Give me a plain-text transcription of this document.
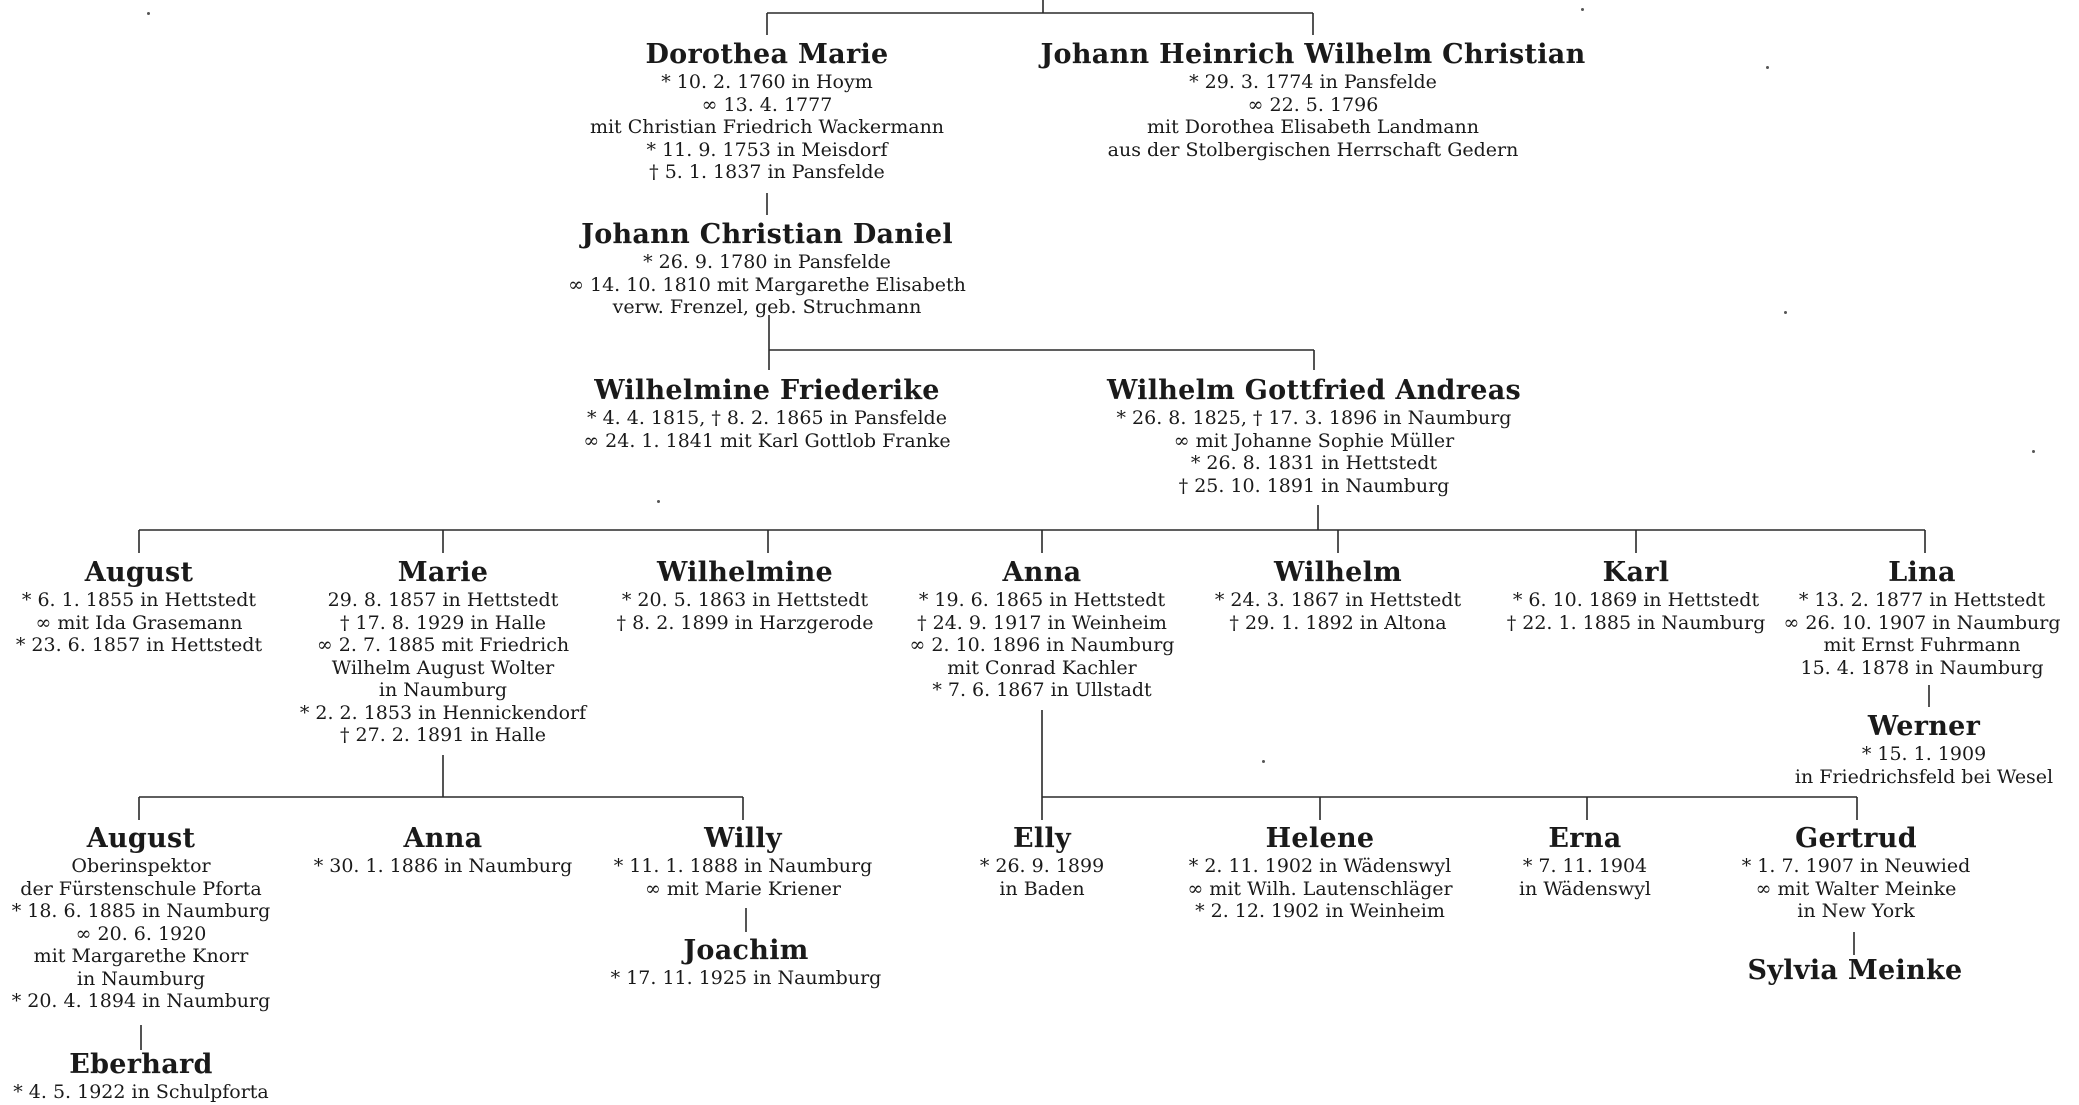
Dorothea Marie
* 10. 2. 1760 in Hoym
∞ 13. 4. 1777
mit Christian Friedrich Wackermann
* 11. 9. 1753 in Meisdorf
† 5. 1. 1837 in Pansfelde
Johann Heinrich Wilhelm Christian
* 29. 3. 1774 in Pansfelde
∞ 22. 5. 1796
mit Dorothea Elisabeth Landmann
aus der Stolbergischen Herrschaft Gedern
Johann Christian Daniel
* 26. 9. 1780 in Pansfelde
∞ 14. 10. 1810 mit Margarethe Elisabeth
verw. Frenzel, geb. Struchmann
Wilhelmine Friederike
* 4. 4. 1815, † 8. 2. 1865 in Pansfelde
∞ 24. 1. 1841 mit Karl Gottlob Franke
Wilhelm Gottfried Andreas
* 26. 8. 1825, † 17. 3. 1896 in Naumburg
∞ mit Johanne Sophie Müller
* 26. 8. 1831 in Hettstedt
† 25. 10. 1891 in Naumburg
August
* 6. 1. 1855 in Hettstedt
∞ mit Ida Grasemann
* 23. 6. 1857 in Hettstedt
Marie
29. 8. 1857 in Hettstedt
† 17. 8. 1929 in Halle
∞ 2. 7. 1885 mit Friedrich
Wilhelm August Wolter
in Naumburg
* 2. 2. 1853 in Hennickendorf
† 27. 2. 1891 in Halle
Wilhelmine
* 20. 5. 1863 in Hettstedt
† 8. 2. 1899 in Harzgerode
Anna
* 19. 6. 1865 in Hettstedt
† 24. 9. 1917 in Weinheim
∞ 2. 10. 1896 in Naumburg
mit Conrad Kachler
* 7. 6. 1867 in Ullstadt
Wilhelm
* 24. 3. 1867 in Hettstedt
† 29. 1. 1892 in Altona
Karl
* 6. 10. 1869 in Hettstedt
† 22. 1. 1885 in Naumburg
Lina
* 13. 2. 1877 in Hettstedt
∞ 26. 10. 1907 in Naumburg
mit Ernst Fuhrmann
15. 4. 1878 in Naumburg
Werner
* 15. 1. 1909
in Friedrichsfeld bei Wesel
August
Oberinspektor
der Fürstenschule Pforta
* 18. 6. 1885 in Naumburg
∞ 20. 6. 1920
mit Margarethe Knorr
in Naumburg
* 20. 4. 1894 in Naumburg
Anna
* 30. 1. 1886 in Naumburg
Willy
* 11. 1. 1888 in Naumburg
∞ mit Marie Kriener
Joachim
* 17. 11. 1925 in Naumburg
Elly
* 26. 9. 1899
in Baden
Helene
* 2. 11. 1902 in Wädenswyl
∞ mit Wilh. Lautenschläger
* 2. 12. 1902 in Weinheim
Erna
* 7. 11. 1904
in Wädenswyl
Gertrud
* 1. 7. 1907 in Neuwied
∞ mit Walter Meinke
in New York
Sylvia Meinke
Eberhard
* 4. 5. 1922 in Schulpforta
